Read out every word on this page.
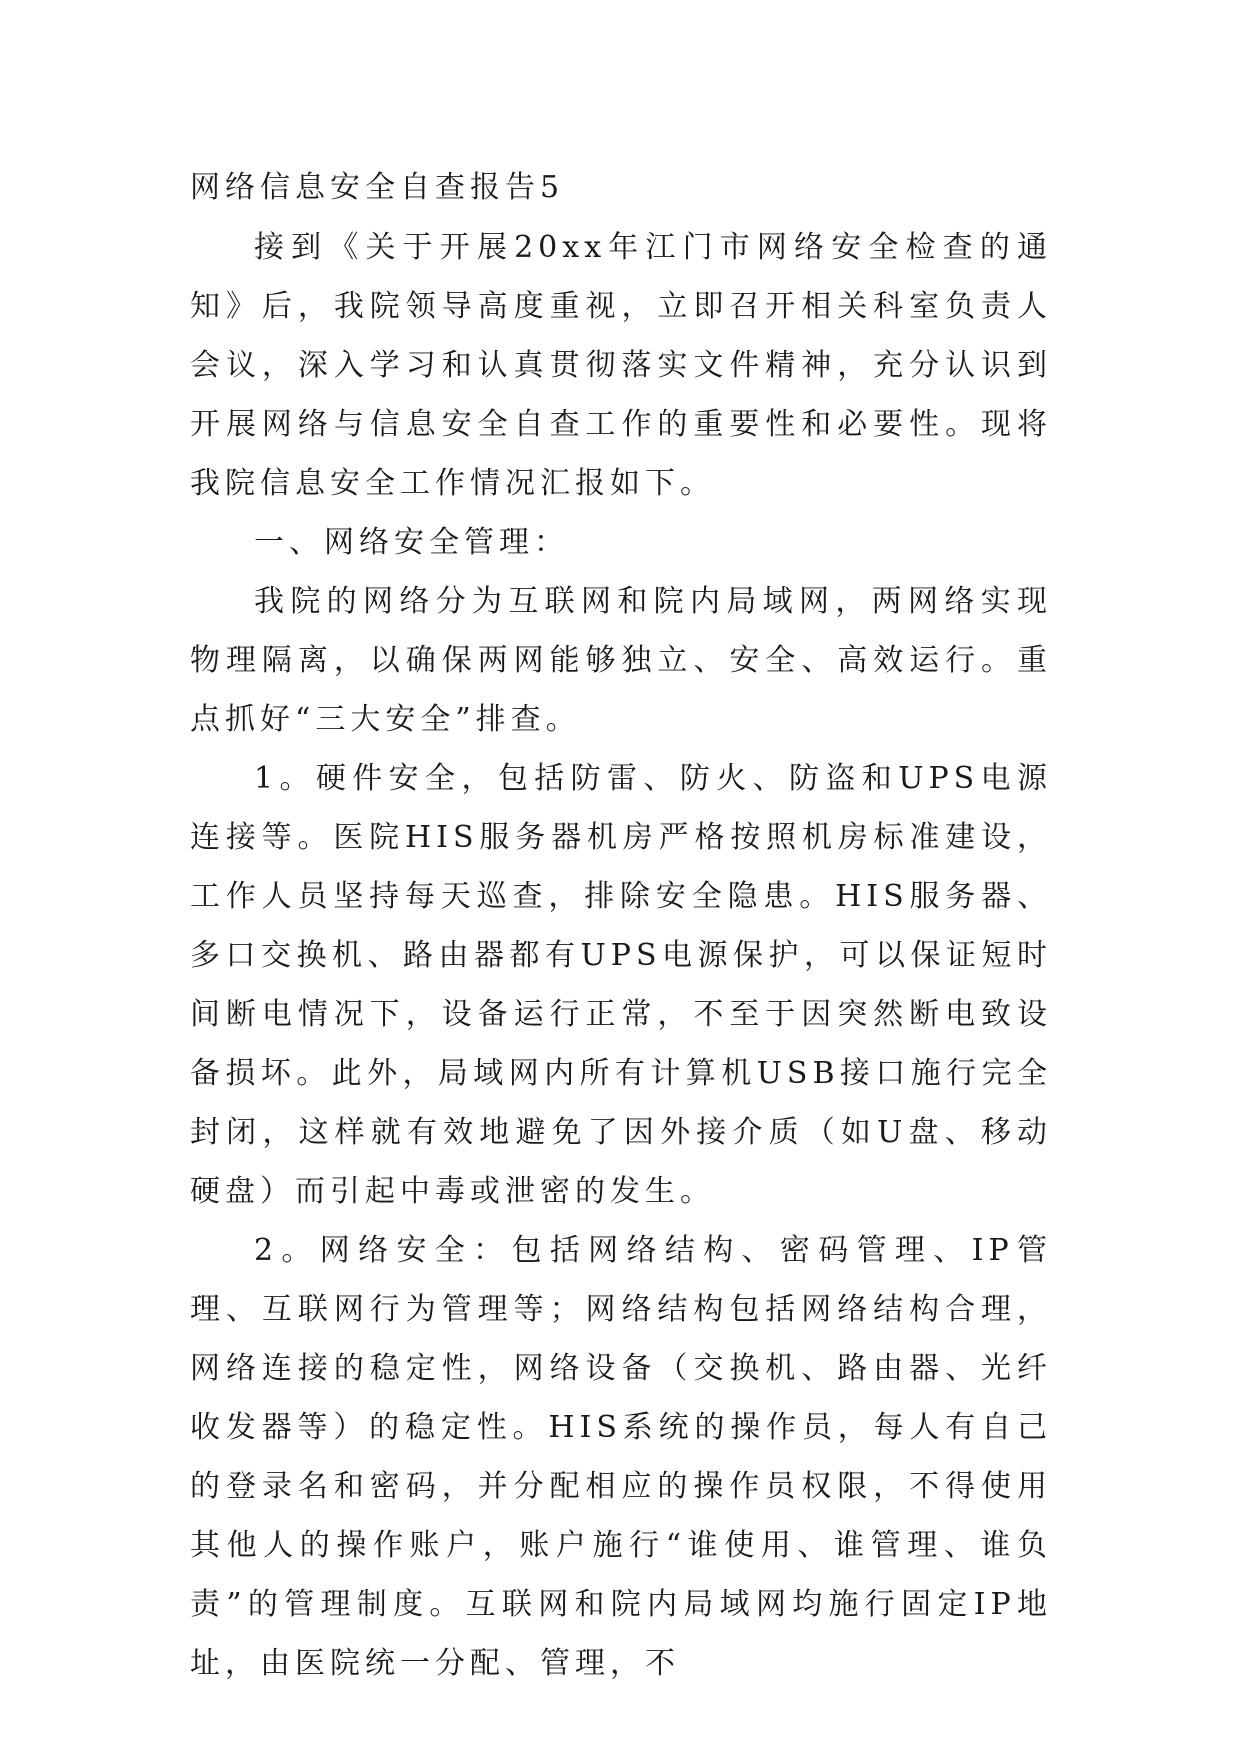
网络信息安全自查报告5

接到《关于开展20xx年江门市网络安全检查的通知》后，我院领导高度重视，立即召开相关科室负责人会议，深入学习和认真贯彻落实文件精神，充分认识到开展网络与信息安全自查工作的重要性和必要性。现将我院信息安全工作情况汇报如下。

一、网络安全管理：

我院的网络分为互联网和院内局域网，两网络实现物理隔离，以确保两网能够独立、安全、高效运行。重点抓好“三大安全”排查。

1。硬件安全，包括防雷、防火、防盗和UPS电源连接等。医院HIS服务器机房严格按照机房标准建设，工作人员坚持每天巡查，排除安全隐患。HIS服务器、多口交换机、路由器都有UPS电源保护，可以保证短时间断电情况下，设备运行正常，不至于因突然断电致设备损坏。此外，局域网内所有计算机USB接口施行完全封闭，这样就有效地避免了因外接介质（如U盘、移动硬盘）而引起中毒或泄密的发生。

2。网络安全：包括网络结构、密码管理、IP管理、互联网行为管理等；网络结构包括网络结构合理，网络连接的稳定性，网络设备（交换机、路由器、光纤收发器等）的稳定性。HIS系统的操作员，每人有自己的登录名和密码，并分配相应的操作员权限，不得使用其他人的操作账户，账户施行“谁使用、谁管理、谁负责”的管理制度。互联网和院内局域网均施行固定IP地址，由医院统一分配、管理，不
